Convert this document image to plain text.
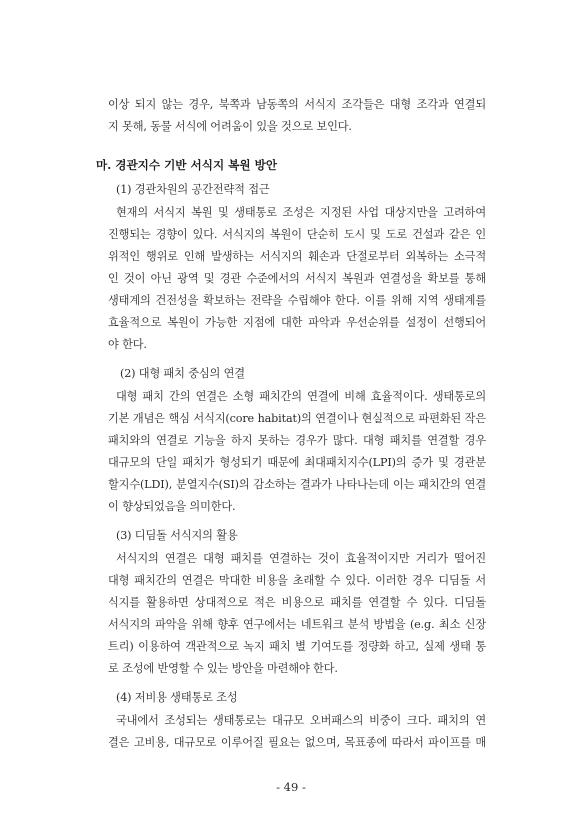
이상 되지 않는 경우, 북쪽과 남동쪽의 서식지 조각들은 대형 조각과 연결되
지 못해, 동물 서식에 어려움이 있을 것으로 보인다.
마. 경관지수 기반 서식지 복원 방안
(1) 경관차원의 공간전략적 접근
현재의 서식지 복원 및 생태통로 조성은 지정된 사업 대상지만을 고려하여
진행되는 경향이 있다. 서식지의 복원이 단순히 도시 및 도로 건설과 같은 인
위적인 행위로 인해 발생하는 서식지의 훼손과 단절로부터 외복하는 소극적
인 것이 아닌 광역 및 경관 수준에서의 서식지 복원과 연결성을 확보를 통해
생태계의 건전성을 확보하는 전략을 수립해야 한다. 이를 위해 지역 생태계를
효율적으로 복원이 가능한 지점에 대한 파악과 우선순위를 설정이 선행되어
야 한다.
(2) 대형 패치 중심의 연결
대형 패치 간의 연결은 소형 패치간의 연결에 비해 효율적이다. 생태통로의
기본 개념은 핵심 서식지(core habitat)의 연결이나 현실적으로 파편화된 작은
패치와의 연결로 기능을 하지 못하는 경우가 많다. 대형 패치를 연결할 경우
대규모의 단일 패치가 형성되기 때문에 최대패치지수(LPI)의 증가 및 경관분
할지수(LDI), 분열지수(SI)의 감소하는 결과가 나타나는데 이는 패치간의 연결
이 향상되었음을 의미한다.
(3) 디딤돌 서식지의 활용
서식지의 연결은 대형 패치를 연결하는 것이 효율적이지만 거리가 떨어진
대형 패치간의 연결은 막대한 비용을 초래할 수 있다. 이러한 경우 디딤돌 서
식지를 활용하면 상대적으로 적은 비용으로 패치를 연결할 수 있다. 디딤돌
서식지의 파악을 위해 향후 연구에서는 네트워크 분석 방법을 (e.g. 최소 신장
트리) 이용하여 객관적으로 녹지 패치 별 기여도를 정량화 하고, 실제 생태 통
로 조성에 반영할 수 있는 방안을 마련해야 한다.
(4) 저비용 생태통로 조성
국내에서 조성되는 생태통로는 대규모 오버패스의 비중이 크다. 패치의 연
결은 고비용, 대규모로 이루어질 필요는 없으며, 목표종에 따라서 파이프를 매
- 49 -
